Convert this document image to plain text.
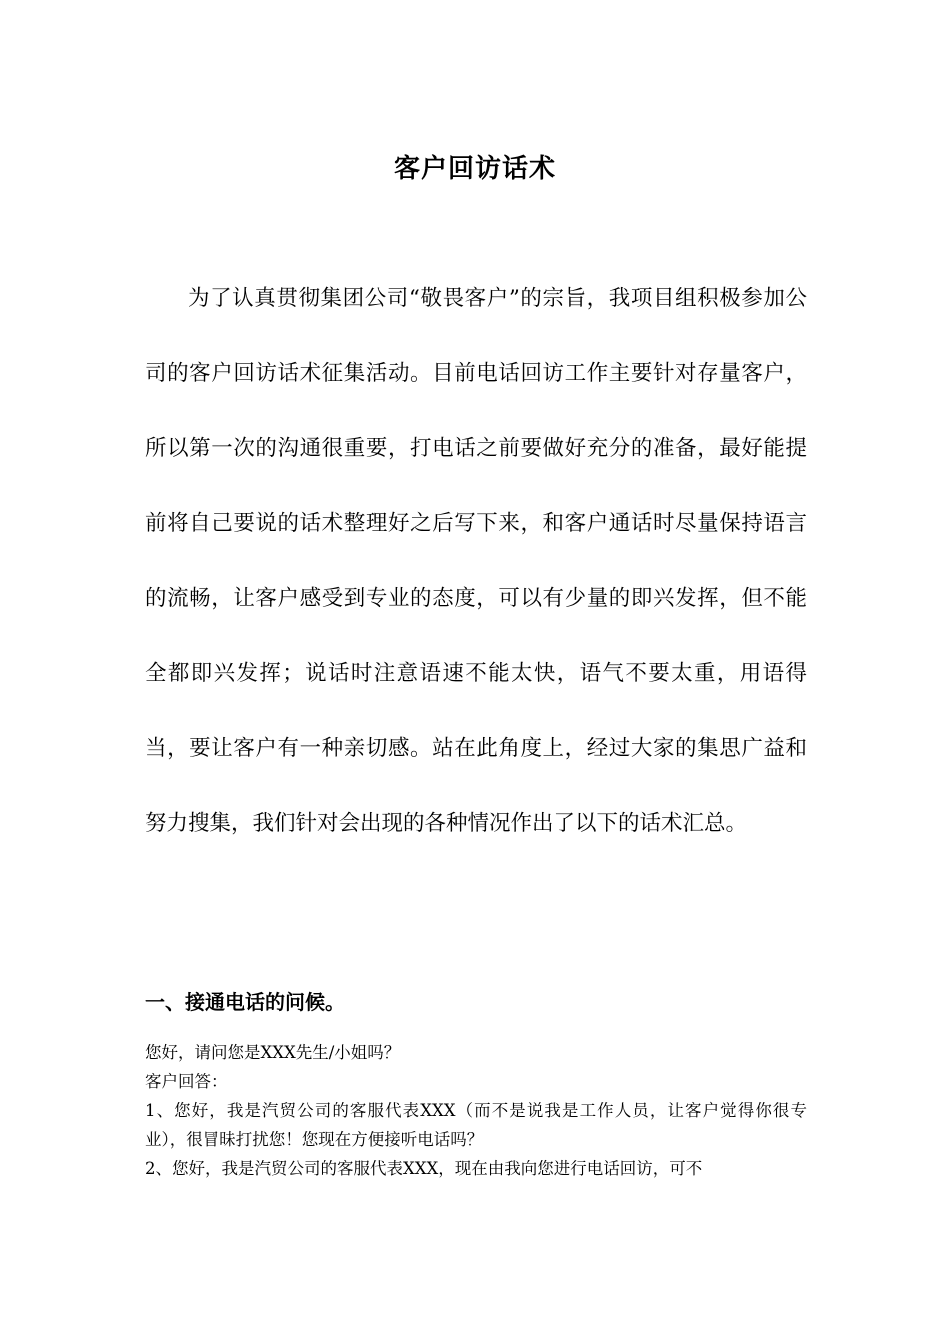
客户回访话术

为了认真贯彻集团公司“敬畏客户”的宗旨，我项目组积极参加公司的客户回访话术征集活动。目前电话回访工作主要针对存量客户，所以第一次的沟通很重要，打电话之前要做好充分的准备，最好能提前将自己要说的话术整理好之后写下来，和客户通话时尽量保持语言的流畅，让客户感受到专业的态度，可以有少量的即兴发挥，但不能全都即兴发挥；说话时注意语速不能太快，语气不要太重，用语得当，要让客户有一种亲切感。站在此角度上，经过大家的集思广益和努力搜集，我们针对会出现的各种情况作出了以下的话术汇总。

一、接通电话的问候。

您好，请问您是XXX先生/小姐吗？

客户回答：

1、您好，我是汽贸公司的客服代表XXX（而不是说我是工作人员，让客户觉得你很专业），很冒昧打扰您！您现在方便接听电话吗？

2、您好，我是汽贸公司的客服代表XXX，现在由我向您进行电话回访，可不
